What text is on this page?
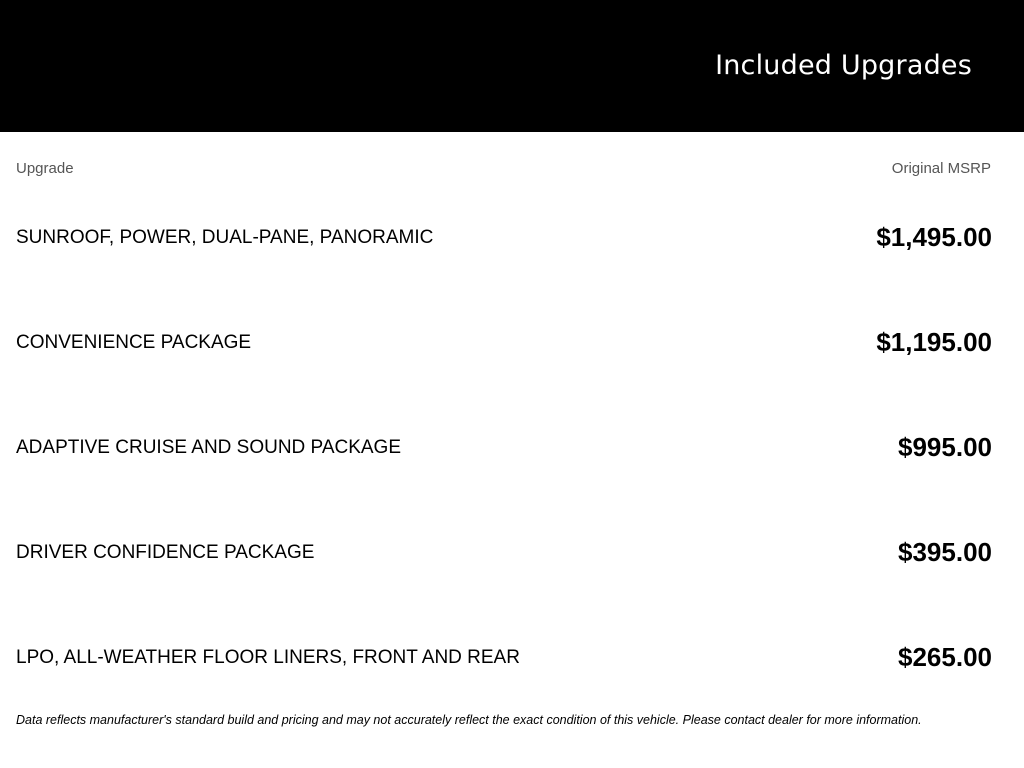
Included Upgrades
Upgrade	Original MSRP
SUNROOF, POWER, DUAL-PANE, PANORAMIC	$1,495.00
CONVENIENCE PACKAGE	$1,195.00
ADAPTIVE CRUISE AND SOUND PACKAGE	$995.00
DRIVER CONFIDENCE PACKAGE	$395.00
LPO, ALL-WEATHER FLOOR LINERS, FRONT AND REAR	$265.00
Data reflects manufacturer's standard build and pricing and may not accurately reflect the exact condition of this vehicle. Please contact dealer for more information.
